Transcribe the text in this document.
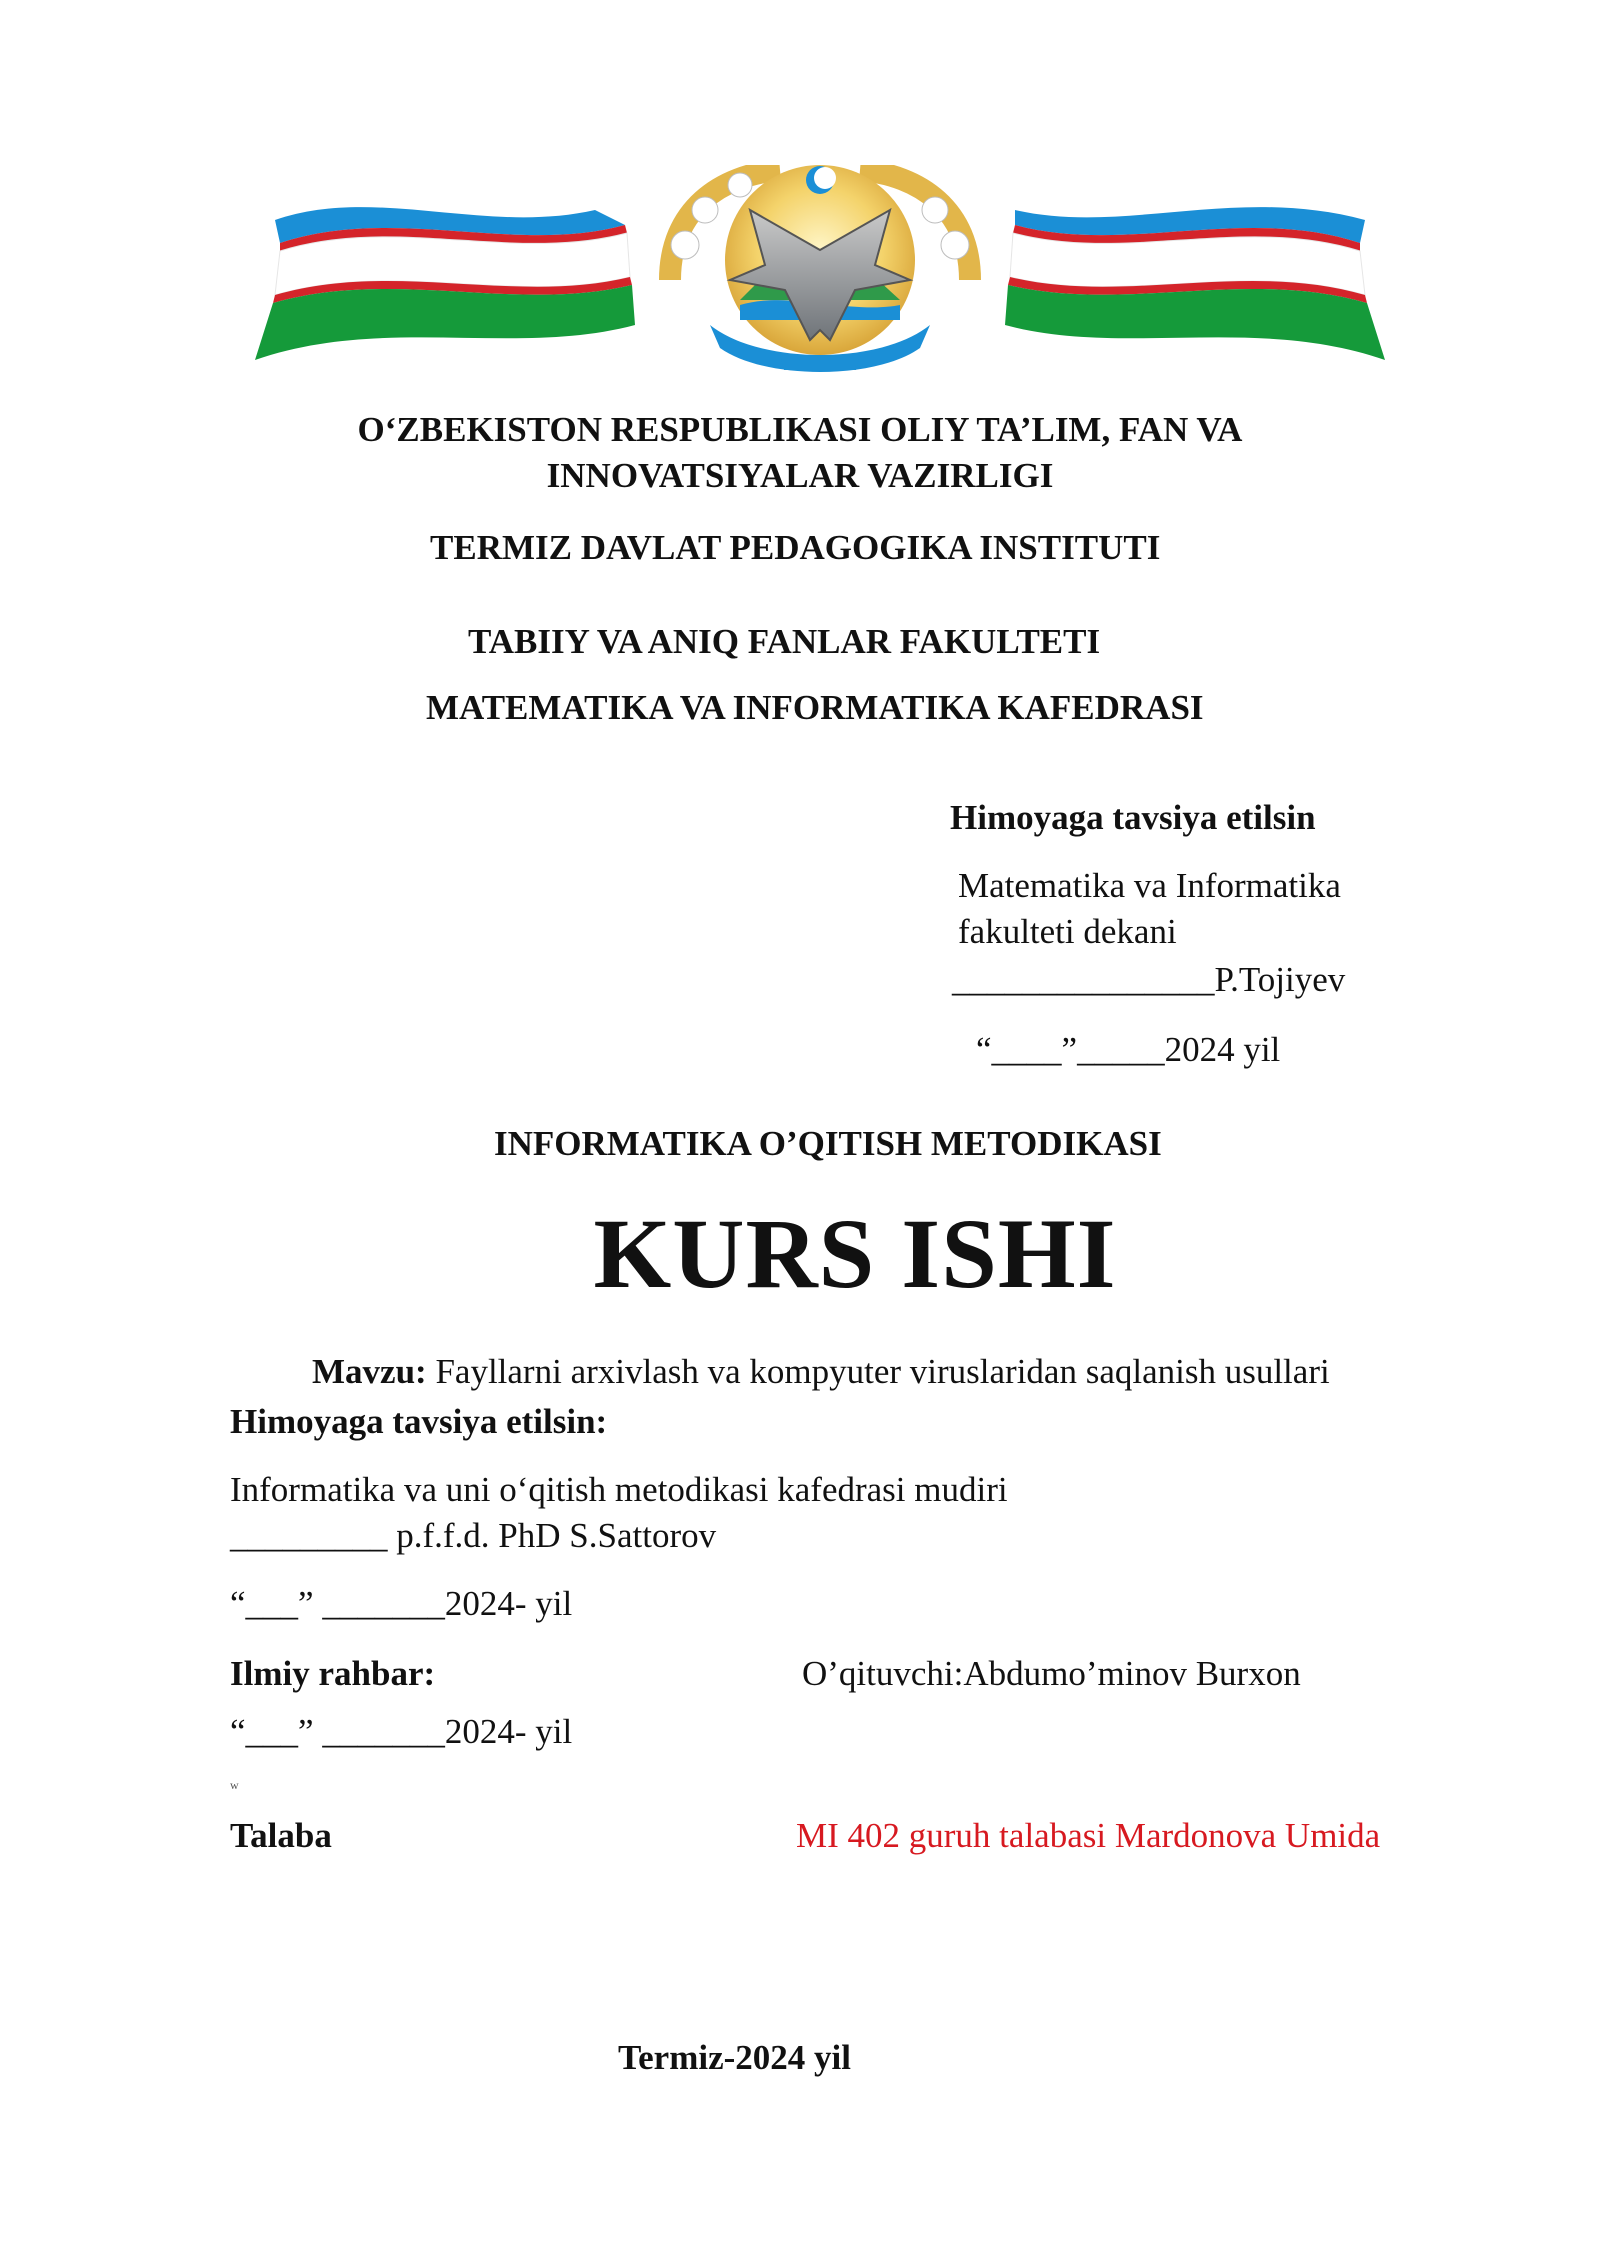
O‘ZBEKISTON RESPUBLIKASI OLIY TA’LIM, FAN VA
INNOVATSIYALAR VAZIRLIGI
TERMIZ DAVLAT PEDAGOGIKA INSTITUTI
TABIIY VA ANIQ FANLAR FAKULTETI
MATEMATIKA VA INFORMATIKA KAFEDRASI
Himoyaga tavsiya etilsin
Matematika va Informatika
fakulteti dekani
_______________P.Tojiyev
“____”_____2024 yil
INFORMATIKA O’QITISH METODIKASI
KURS ISHI
Mavzu: Fayllarni arxivlash va kompyuter viruslaridan saqlanish usullari
Himoyaga tavsiya etilsin:
Informatika va uni o‘qitish metodikasi kafedrasi mudiri
_________ p.f.f.d. PhD S.Sattorov
“___” _______2024- yil
Ilmiy rahbar:	O’qituvchi:Abdumo’minov Burxon
“___” _______2024- yil
w
Talaba	MI 402 guruh talabasi Mardonova Umida
Termiz-2024 yil
